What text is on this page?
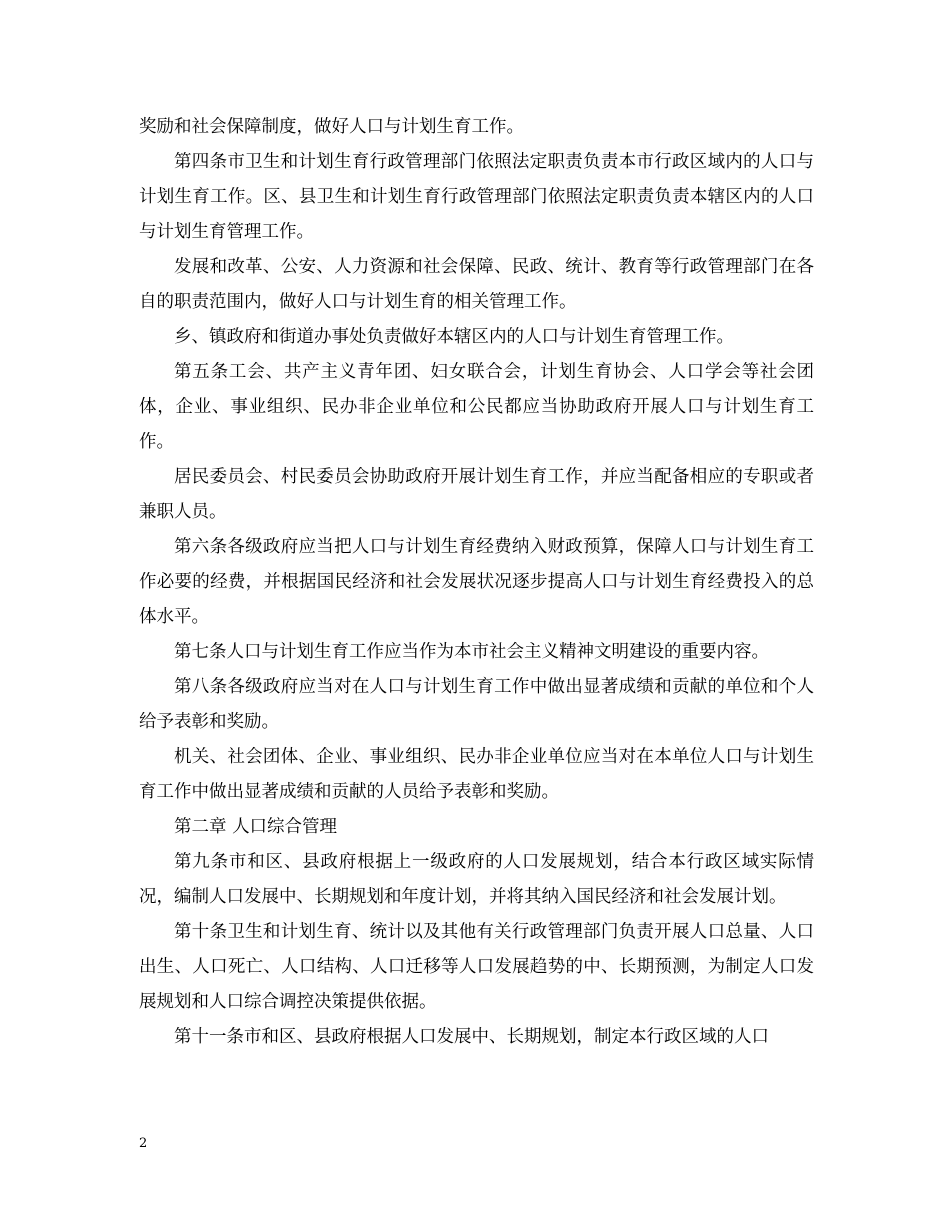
奖励和社会保障制度，做好人口与计划生育工作。

第四条市卫生和计划生育行政管理部门依照法定职责负责本市行政区域内的人口与计划生育工作。区、县卫生和计划生育行政管理部门依照法定职责负责本辖区内的人口与计划生育管理工作。

发展和改革、公安、人力资源和社会保障、民政、统计、教育等行政管理部门在各自的职责范围内，做好人口与计划生育的相关管理工作。

乡、镇政府和街道办事处负责做好本辖区内的人口与计划生育管理工作。

第五条工会、共产主义青年团、妇女联合会，计划生育协会、人口学会等社会团体，企业、事业组织、民办非企业单位和公民都应当协助政府开展人口与计划生育工作。

居民委员会、村民委员会协助政府开展计划生育工作，并应当配备相应的专职或者兼职人员。

第六条各级政府应当把人口与计划生育经费纳入财政预算，保障人口与计划生育工作必要的经费，并根据国民经济和社会发展状况逐步提高人口与计划生育经费投入的总体水平。

第七条人口与计划生育工作应当作为本市社会主义精神文明建设的重要内容。

第八条各级政府应当对在人口与计划生育工作中做出显著成绩和贡献的单位和个人给予表彰和奖励。

机关、社会团体、企业、事业组织、民办非企业单位应当对在本单位人口与计划生育工作中做出显著成绩和贡献的人员给予表彰和奖励。

第二章 人口综合管理

第九条市和区、县政府根据上一级政府的人口发展规划，结合本行政区域实际情况，编制人口发展中、长期规划和年度计划，并将其纳入国民经济和社会发展计划。

第十条卫生和计划生育、统计以及其他有关行政管理部门负责开展人口总量、人口出生、人口死亡、人口结构、人口迁移等人口发展趋势的中、长期预测，为制定人口发展规划和人口综合调控决策提供依据。

第十一条市和区、县政府根据人口发展中、长期规划，制定本行政区域的人口

2
